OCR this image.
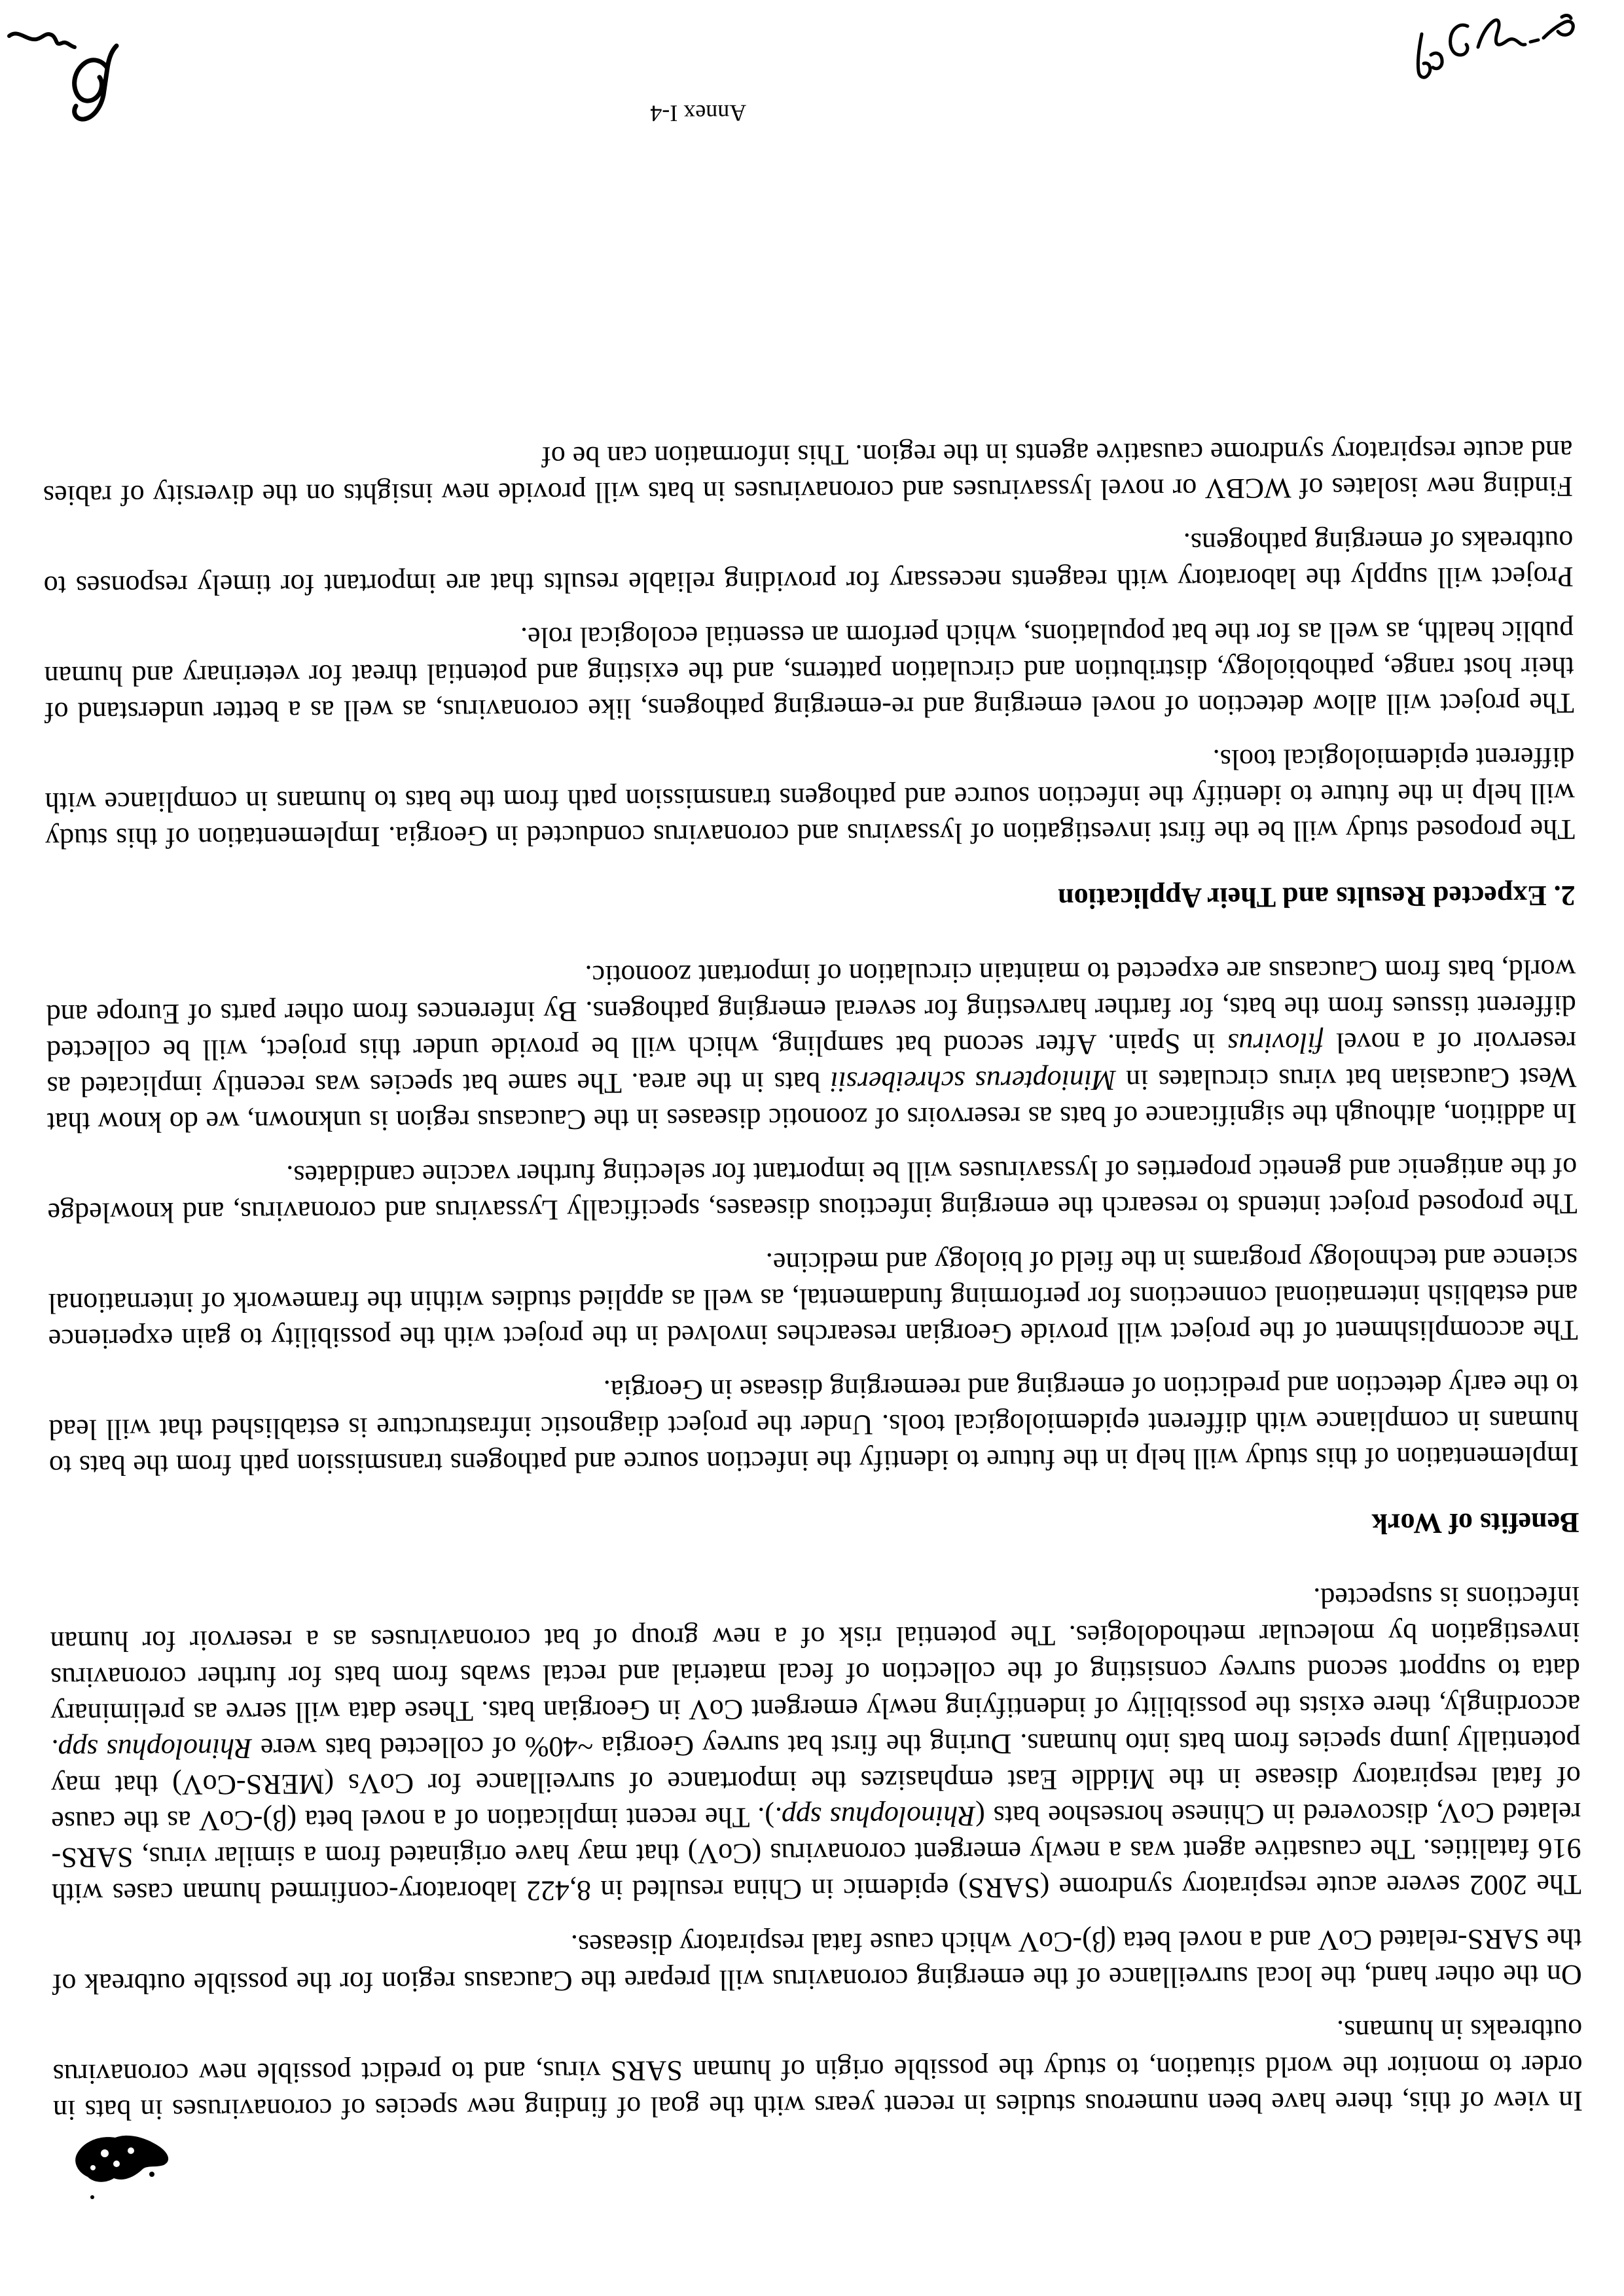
In view of this, there have been numerous studies in recent years with the goal of finding new species of coronaviruses in bats in order to monitor the world situation, to study the possible origin of human SARS virus, and to predict possible new coronavirus outbreaks in humans.

On the other hand, the local surveillance of the emerging coronavirus will prepare the Caucasus region for the possible outbreak of the SARS-related CoV and a novel beta (β)-CoV which cause fatal respiratory diseases.

The 2002 severe acute respiratory syndrome (SARS) epidemic in China resulted in 8,422 laboratory-confirmed human cases with 916 fatalities. The causative agent was a newly emergent coronavirus (CoV) that may have originated from a similar virus, SARS-related CoV, discovered in Chinese horseshoe bats (Rhinolophus spp.). The recent implication of a novel beta (β)-CoV as the cause of fatal respiratory disease in the Middle East emphasizes the importance of surveillance for CoVs (MERS-CoV) that may potentially jump species from bats into humans. During the first bat survey Georgia ~40% of collected bats were Rhinolophus spp. accordingly, there exists the possibility of indentifying newly emergent CoV in Georgian bats. These data will serve as preliminary data to support second survey consisting of the collection of fecal material and rectal swabs from bats for further coronavirus investigation by molecular methodologies. The potential risk of a new group of bat coronaviruses as a reservoir for human infections is suspected.

Benefits of Work

Implementation of this study will help in the future to identify the infection source and pathogens transmission path from the bats to humans in compliance with different epidemiological tools. Under the project diagnostic infrastructure is established that will lead to the early detection and prediction of emerging and reemerging disease in Georgia.

The accomplishment of the project will provide Georgian researches involved in the project with the possibility to gain experience and establish international connections for performing fundamental, as well as applied studies within the framework of international science and technology programs in the field of biology and medicine.

The proposed project intends to research the emerging infectious diseases, specifically Lyssavirus and coronavirus, and knowledge of the antigenic and genetic properties of lyssaviruses will be important for selecting further vaccine candidates.

In addition, although the significance of bats as reservoirs of zoonotic diseases in the Caucasus region is unknown, we do know that West Caucasian bat virus circulates in Miniopterus schreibersii bats in the area. The same bat species was recently implicated as reservoir of a novel filovirus in Spain. After second bat sampling, which will be provide under this project, will be collected different tissues from the bats, for farther harvesting for several emerging pathogens. By inferences from other parts of Europe and world, bats from Caucasus are expected to maintain circulation of important zoonotic.

2. Expected Results and Their Application

The proposed study will be the first investigation of lyssavirus and coronavirus conducted in Georgia. Implementation of this study will help in the future to identify the infection source and pathogens transmission path from the bats to humans in compliance with different epidemiological tools.

The project will allow detection of novel emerging and re-emerging pathogens, like coronavirus, as well as a better understand of their host range, pathobiology, distribution and circulation patterns, and the existing and potential threat for veterinary and human public health, as well as for the bat populations, which perform an essential ecological role.

Project will supply the laboratory with reagents necessary for providing reliable results that are important for timely responses to outbreaks of emerging pathogens.

Finding new isolates of WCBV or novel lyssaviruses and coronaviruses in bats will provide new insights on the diversity of rabies and acute respiratory syndrome causative agents in the region. This information can be of

Annex I-4
